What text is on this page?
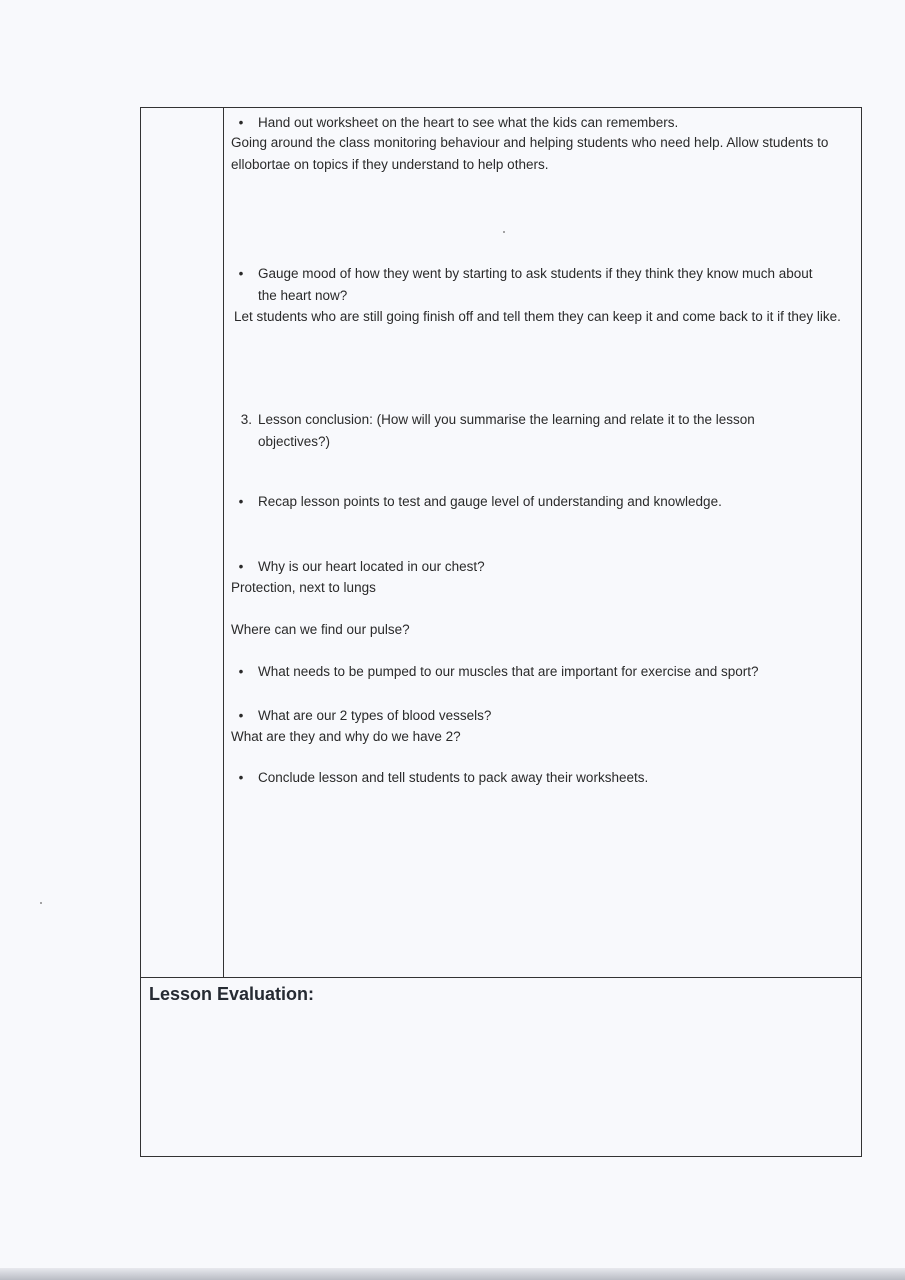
•	Hand out worksheet on the heart to see what the kids can remembers.
Going around the class monitoring behaviour and helping students who need help. Allow students to ellobortae on topics if they understand to help others.
•	Gauge mood of how they went by starting to ask students if they think they know much about the heart now?
Let students who are still going finish off and tell them they can keep it and come back to it if they like.
3. Lesson conclusion: (How will you summarise the learning and relate it to the lesson objectives?)
•	Recap lesson points to test and gauge level of understanding and knowledge.
•	Why is our heart located in our chest?
Protection, next to lungs
Where can we find our pulse?
•	What needs to be pumped to our muscles that are important for exercise and sport?
•	What are our 2 types of blood vessels?
What are they and why do we have 2?
•	Conclude lesson and tell students to pack away their worksheets.
Lesson Evaluation:
